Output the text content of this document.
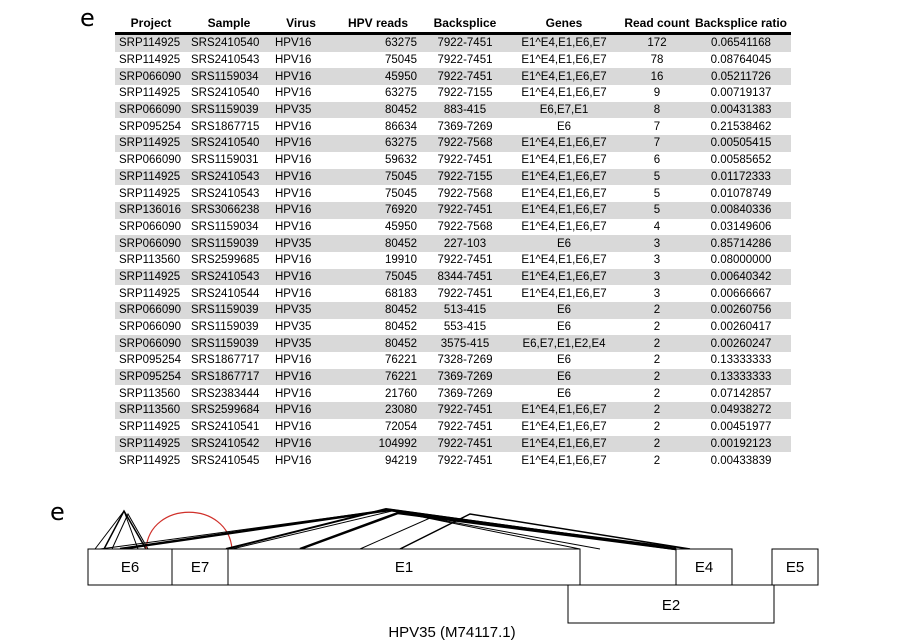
e	Project	Sample	Virus	HPV reads	Backsplice	Genes	Read count	Backsplice ratio
SRP114925	SRS2410540	HPV16	63275	7922-7451	E1^E4,E1,E6,E7	172	0.06541168
SRP114925	SRS2410543	HPV16	75045	7922-7451	E1^E4,E1,E6,E7	78	0.08764045
SRP066090	SRS1159034	HPV16	45950	7922-7451	E1^E4,E1,E6,E7	16	0.05211726
SRP114925	SRS2410540	HPV16	63275	7922-7155	E1^E4,E1,E6,E7	9	0.00719137
SRP066090	SRS1159039	HPV35	80452	883-415	E6,E7,E1	8	0.00431383
SRP095254	SRS1867715	HPV16	86634	7369-7269	E6	7	0.21538462
SRP114925	SRS2410540	HPV16	63275	7922-7568	E1^E4,E1,E6,E7	7	0.00505415
SRP066090	SRS1159031	HPV16	59632	7922-7451	E1^E4,E1,E6,E7	6	0.00585652
SRP114925	SRS2410543	HPV16	75045	7922-7155	E1^E4,E1,E6,E7	5	0.01172333
SRP114925	SRS2410543	HPV16	75045	7922-7568	E1^E4,E1,E6,E7	5	0.01078749
SRP136016	SRS3066238	HPV16	76920	7922-7451	E1^E4,E1,E6,E7	5	0.00840336
SRP066090	SRS1159034	HPV16	45950	7922-7568	E1^E4,E1,E6,E7	4	0.03149606
SRP066090	SRS1159039	HPV35	80452	227-103	E6	3	0.85714286
SRP113560	SRS2599685	HPV16	19910	7922-7451	E1^E4,E1,E6,E7	3	0.08000000
SRP114925	SRS2410543	HPV16	75045	8344-7451	E1^E4,E1,E6,E7	3	0.00640342
SRP114925	SRS2410544	HPV16	68183	7922-7451	E1^E4,E1,E6,E7	3	0.00666667
SRP066090	SRS1159039	HPV35	80452	513-415	E6	2	0.00260756
SRP066090	SRS1159039	HPV35	80452	553-415	E6	2	0.00260417
SRP066090	SRS1159039	HPV35	80452	3575-415	E6,E7,E1,E2,E4	2	0.00260247
SRP095254	SRS1867717	HPV16	76221	7328-7269	E6	2	0.13333333
SRP095254	SRS1867717	HPV16	76221	7369-7269	E6	2	0.13333333
SRP113560	SRS2383444	HPV16	21760	7369-7269	E6	2	0.07142857
SRP113560	SRS2599684	HPV16	23080	7922-7451	E1^E4,E1,E6,E7	2	0.04938272
SRP114925	SRS2410541	HPV16	72054	7922-7451	E1^E4,E1,E6,E7	2	0.00451977
SRP114925	SRS2410542	HPV16	104992	7922-7451	E1^E4,E1,E6,E7	2	0.00192123
SRP114925	SRS2410545	HPV16	94219	7922-7451	E1^E4,E1,E6,E7	2	0.00433839
e
E6	E7	E1	E4	E5
E2
HPV35 (M74117.1)
